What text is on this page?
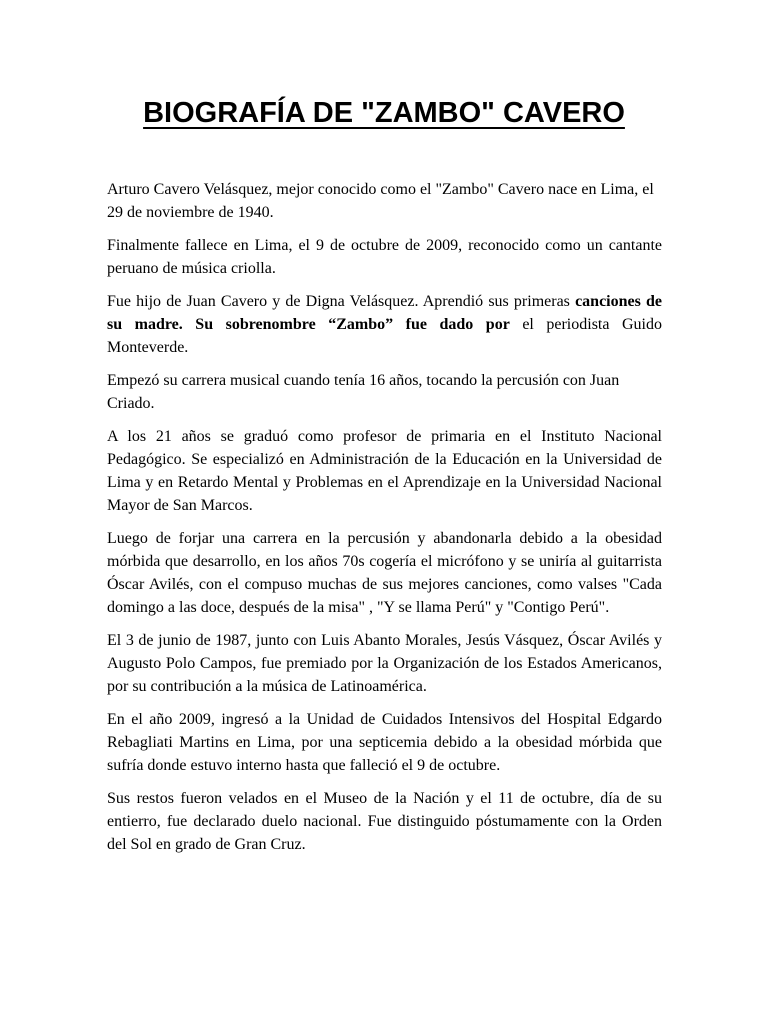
BIOGRAFÍA DE "ZAMBO" CAVERO

Arturo Cavero Velásquez, mejor conocido como el "Zambo" Cavero nace en Lima, el 29 de noviembre de 1940.

Finalmente fallece en Lima, el 9 de octubre de 2009, reconocido como un cantante peruano de música criolla.

Fue hijo de Juan Cavero y de Digna Velásquez. Aprendió sus primeras canciones de su madre. Su sobrenombre “Zambo” fue dado por el periodista Guido Monteverde.

Empezó su carrera musical cuando tenía 16 años, tocando la percusión con Juan Criado.

A los 21 años se graduó como profesor de primaria en el Instituto Nacional Pedagógico. Se especializó en Administración de la Educación en la Universidad de Lima y en Retardo Mental y Problemas en el Aprendizaje en la Universidad Nacional Mayor de San Marcos.

Luego de forjar una carrera en la percusión y abandonarla debido a la obesidad mórbida que desarrollo, en los años 70s cogería el micrófono y se uniría al guitarrista Óscar Avilés, con el compuso muchas de sus mejores canciones, como valses "Cada domingo a las doce, después de la misa" , "Y se llama Perú" y "Contigo Perú".

El 3 de junio de 1987, junto con Luis Abanto Morales, Jesús Vásquez, Óscar Avilés y Augusto Polo Campos, fue premiado por la Organización de los Estados Americanos, por su contribución a la música de Latinoamérica.

En el año 2009, ingresó a la Unidad de Cuidados Intensivos del Hospital Edgardo Rebagliati Martins en Lima, por una septicemia debido a la obesidad mórbida que sufría donde estuvo interno hasta que falleció el 9 de octubre.

Sus restos fueron velados en el Museo de la Nación y el 11 de octubre, día de su entierro, fue declarado duelo nacional. Fue distinguido póstumamente con la Orden del Sol en grado de Gran Cruz.
